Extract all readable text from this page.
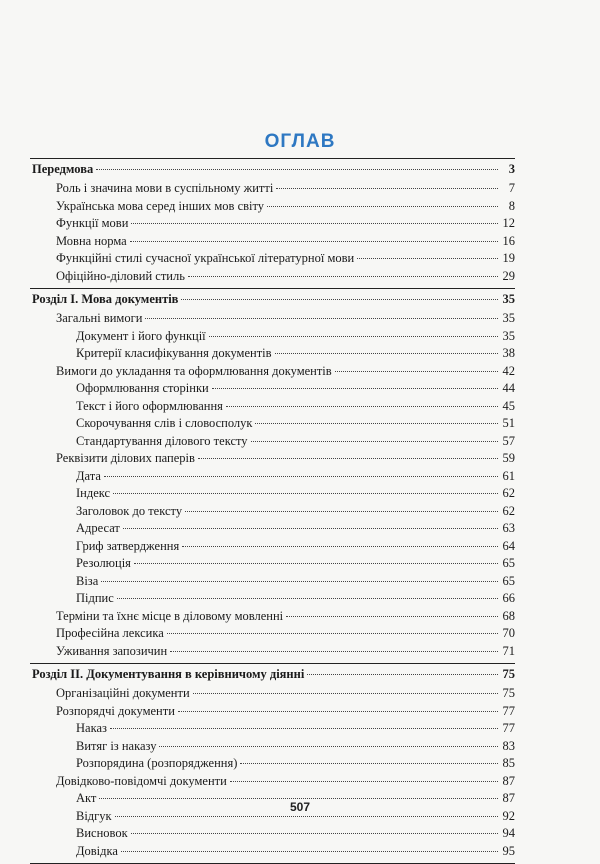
ОГЛАВ
Передмова	3
Роль і значина мови в суспільному житті	7
Українська мова серед інших мов світу	8
Функції мови	12
Мовна норма	16
Функційні стилі сучасної української літературної мови	19
Офіційно-діловий стиль	29
Розділ І. Мова документів	35
Загальні вимоги	35
Документ і його функції	35
Критерії класифікування документів	38
Вимоги до укладання та оформлювання документів	42
Оформлювання сторінки	44
Текст і його оформлювання	45
Скорочування слів і словосполук	51
Стандартування ділового тексту	57
Реквізити ділових паперів	59
Дата	61
Індекс	62
Заголовок до тексту	62
Адресат	63
Гриф затвердження	64
Резолюція	65
Віза	65
Підпис	66
Терміни та їхнє місце в діловому мовленні	68
Професійна лексика	70
Уживання запозичин	71
Розділ ІІ. Документування в керівничому діянні	75
Організаційні документи	75
Розпорядчі документи	77
Наказ	77
Витяг із наказу	83
Розпорядина (розпорядження)	85
Довідково-повідомчі документи	87
Акт	87
Відгук	92
Висновок	94
Довідка	95
507
